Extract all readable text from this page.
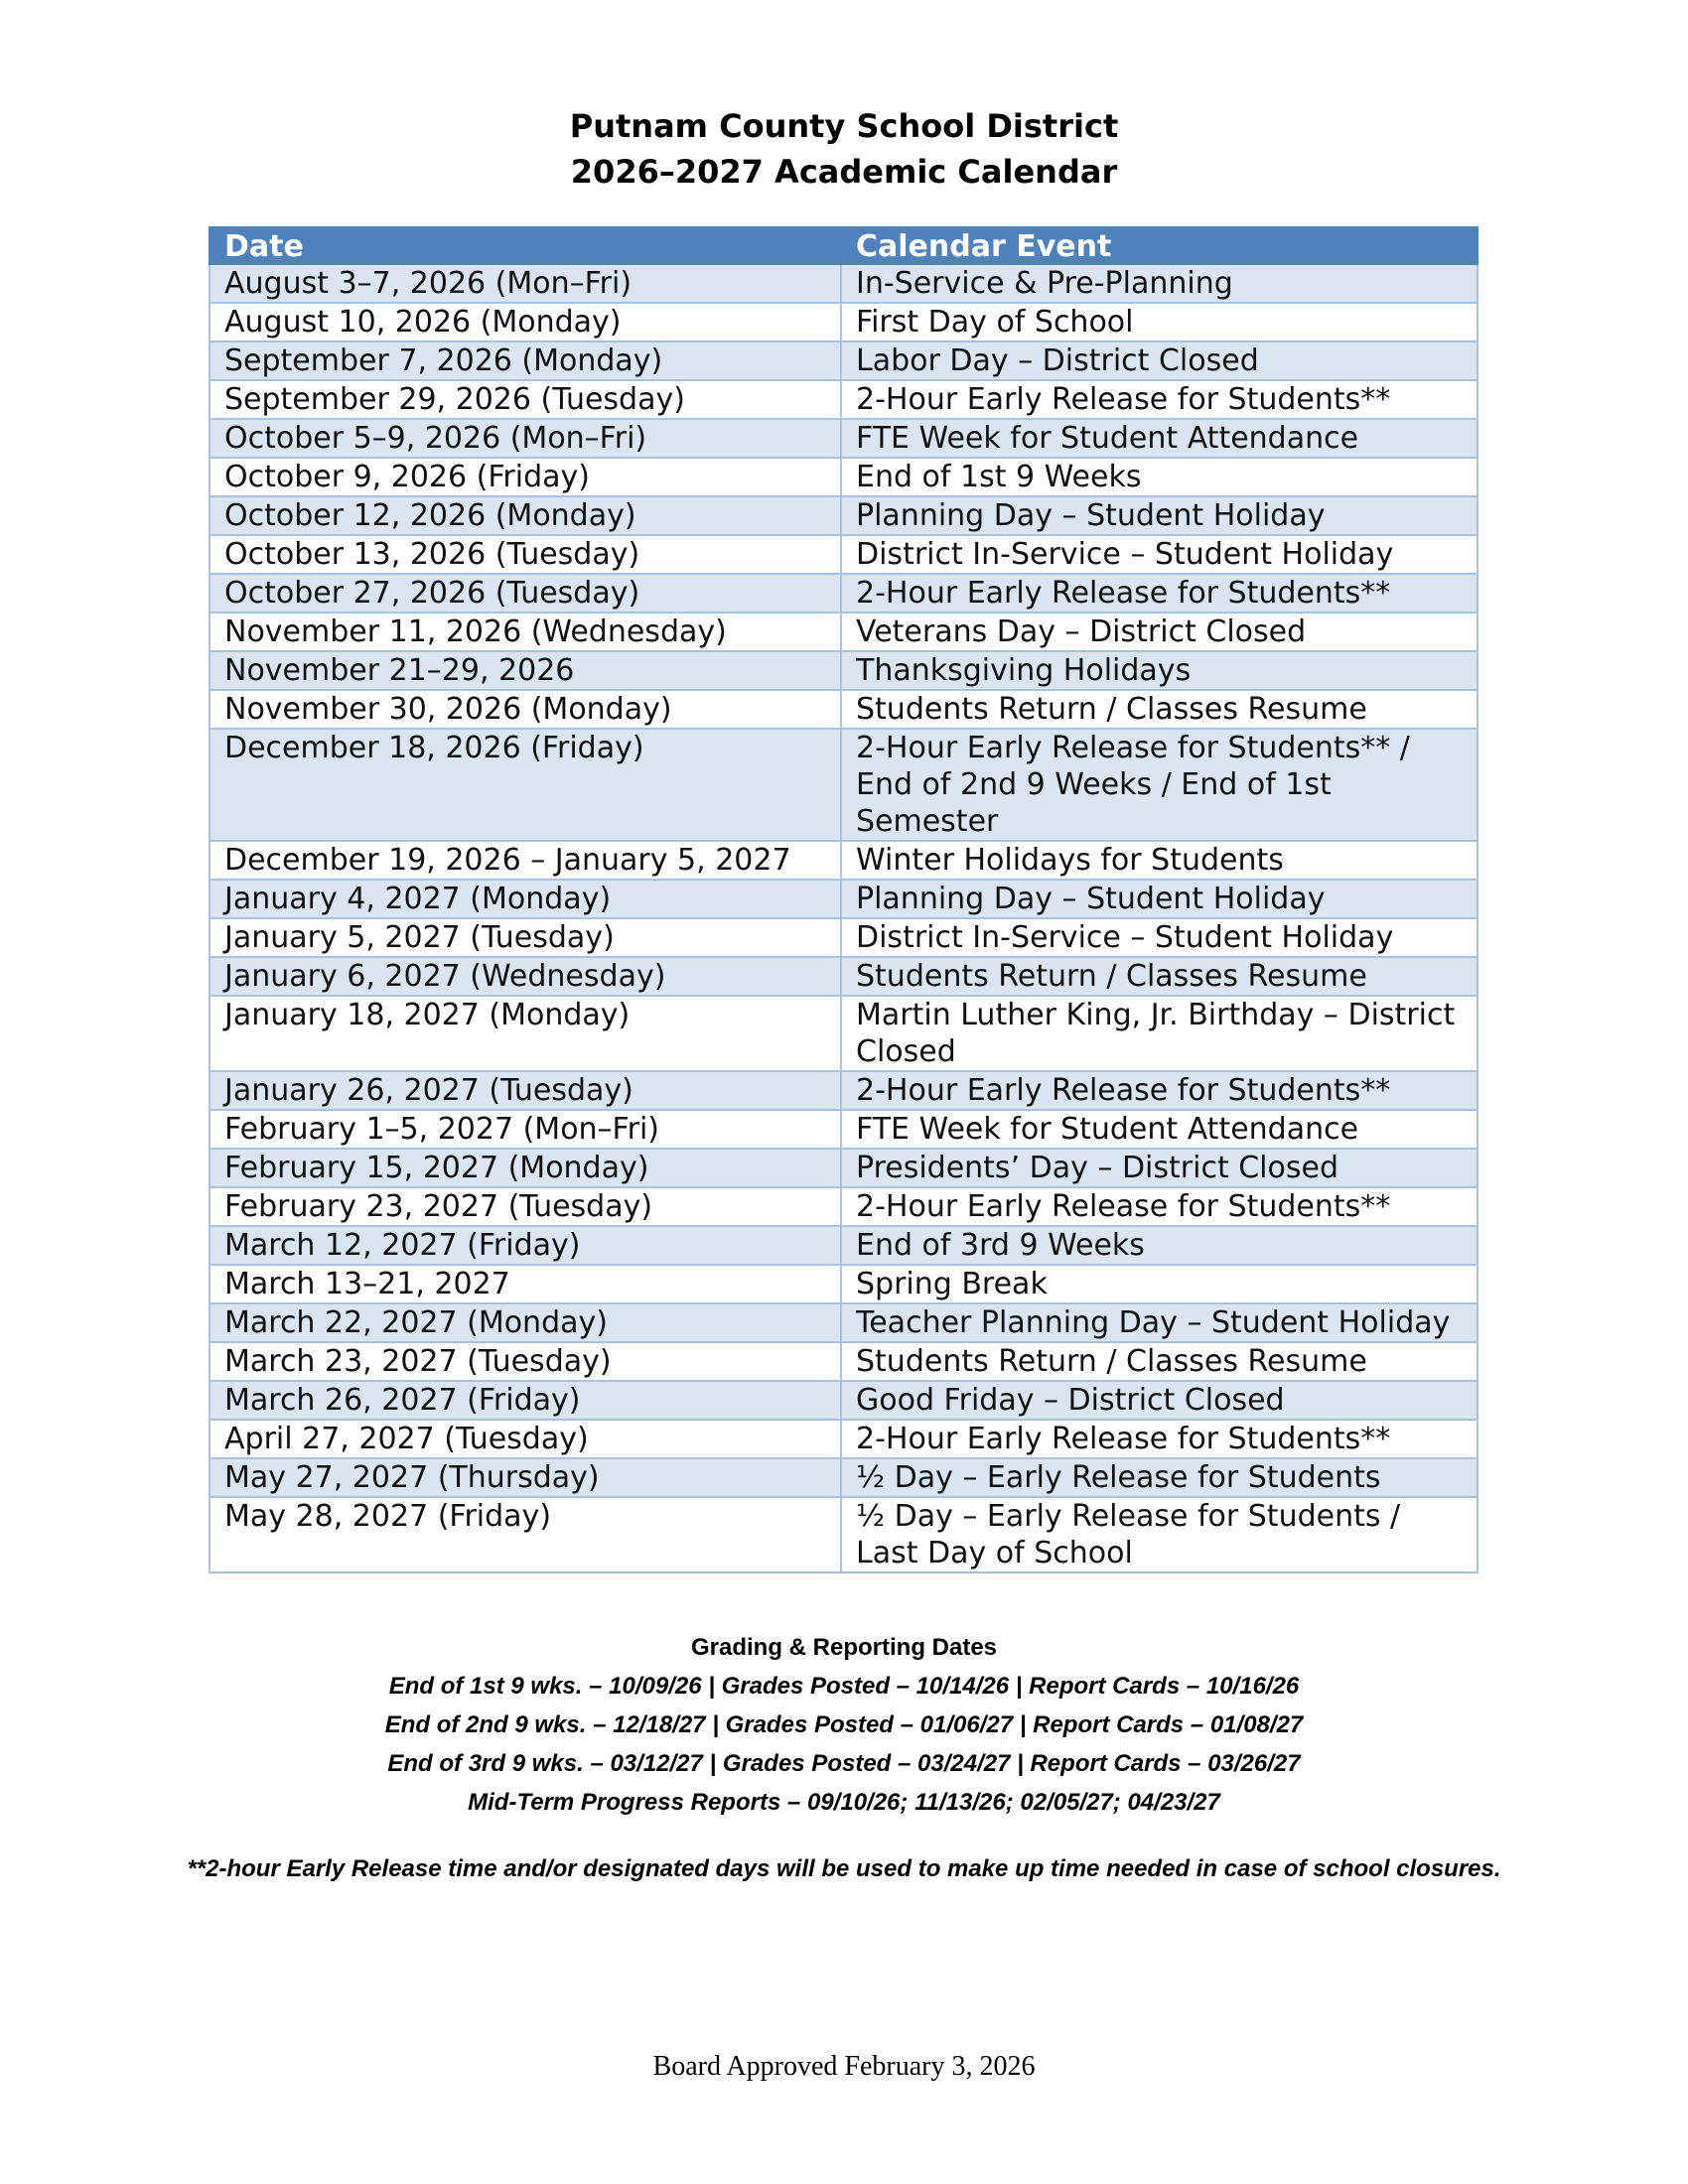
Putnam County School District
2026–2027 Academic Calendar
Date	Calendar Event
August 3–7, 2026 (Mon–Fri)	In-Service & Pre-Planning
August 10, 2026 (Monday)	First Day of School
September 7, 2026 (Monday)	Labor Day – District Closed
September 29, 2026 (Tuesday)	2-Hour Early Release for Students**
October 5–9, 2026 (Mon–Fri)	FTE Week for Student Attendance
October 9, 2026 (Friday)	End of 1st 9 Weeks
October 12, 2026 (Monday)	Planning Day – Student Holiday
October 13, 2026 (Tuesday)	District In-Service – Student Holiday
October 27, 2026 (Tuesday)	2-Hour Early Release for Students**
November 11, 2026 (Wednesday)	Veterans Day – District Closed
November 21–29, 2026	Thanksgiving Holidays
November 30, 2026 (Monday)	Students Return / Classes Resume
December 18, 2026 (Friday)	2-Hour Early Release for Students** / End of 2nd 9 Weeks / End of 1st Semester
December 19, 2026 – January 5, 2027	Winter Holidays for Students
January 4, 2027 (Monday)	Planning Day – Student Holiday
January 5, 2027 (Tuesday)	District In-Service – Student Holiday
January 6, 2027 (Wednesday)	Students Return / Classes Resume
January 18, 2027 (Monday)	Martin Luther King, Jr. Birthday – District Closed
January 26, 2027 (Tuesday)	2-Hour Early Release for Students**
February 1–5, 2027 (Mon–Fri)	FTE Week for Student Attendance
February 15, 2027 (Monday)	Presidents’ Day – District Closed
February 23, 2027 (Tuesday)	2-Hour Early Release for Students**
March 12, 2027 (Friday)	End of 3rd 9 Weeks
March 13–21, 2027	Spring Break
March 22, 2027 (Monday)	Teacher Planning Day – Student Holiday
March 23, 2027 (Tuesday)	Students Return / Classes Resume
March 26, 2027 (Friday)	Good Friday – District Closed
April 27, 2027 (Tuesday)	2-Hour Early Release for Students**
May 27, 2027 (Thursday)	½ Day – Early Release for Students
May 28, 2027 (Friday)	½ Day – Early Release for Students / Last Day of School
Grading & Reporting Dates
End of 1st 9 wks. – 10/09/26 | Grades Posted – 10/14/26 | Report Cards – 10/16/26
End of 2nd 9 wks. – 12/18/27 | Grades Posted – 01/06/27 | Report Cards – 01/08/27
End of 3rd 9 wks. – 03/12/27 | Grades Posted – 03/24/27 | Report Cards – 03/26/27
Mid-Term Progress Reports – 09/10/26; 11/13/26; 02/05/27; 04/23/27
**2-hour Early Release time and/or designated days will be used to make up time needed in case of school closures.
Board Approved February 3, 2026
